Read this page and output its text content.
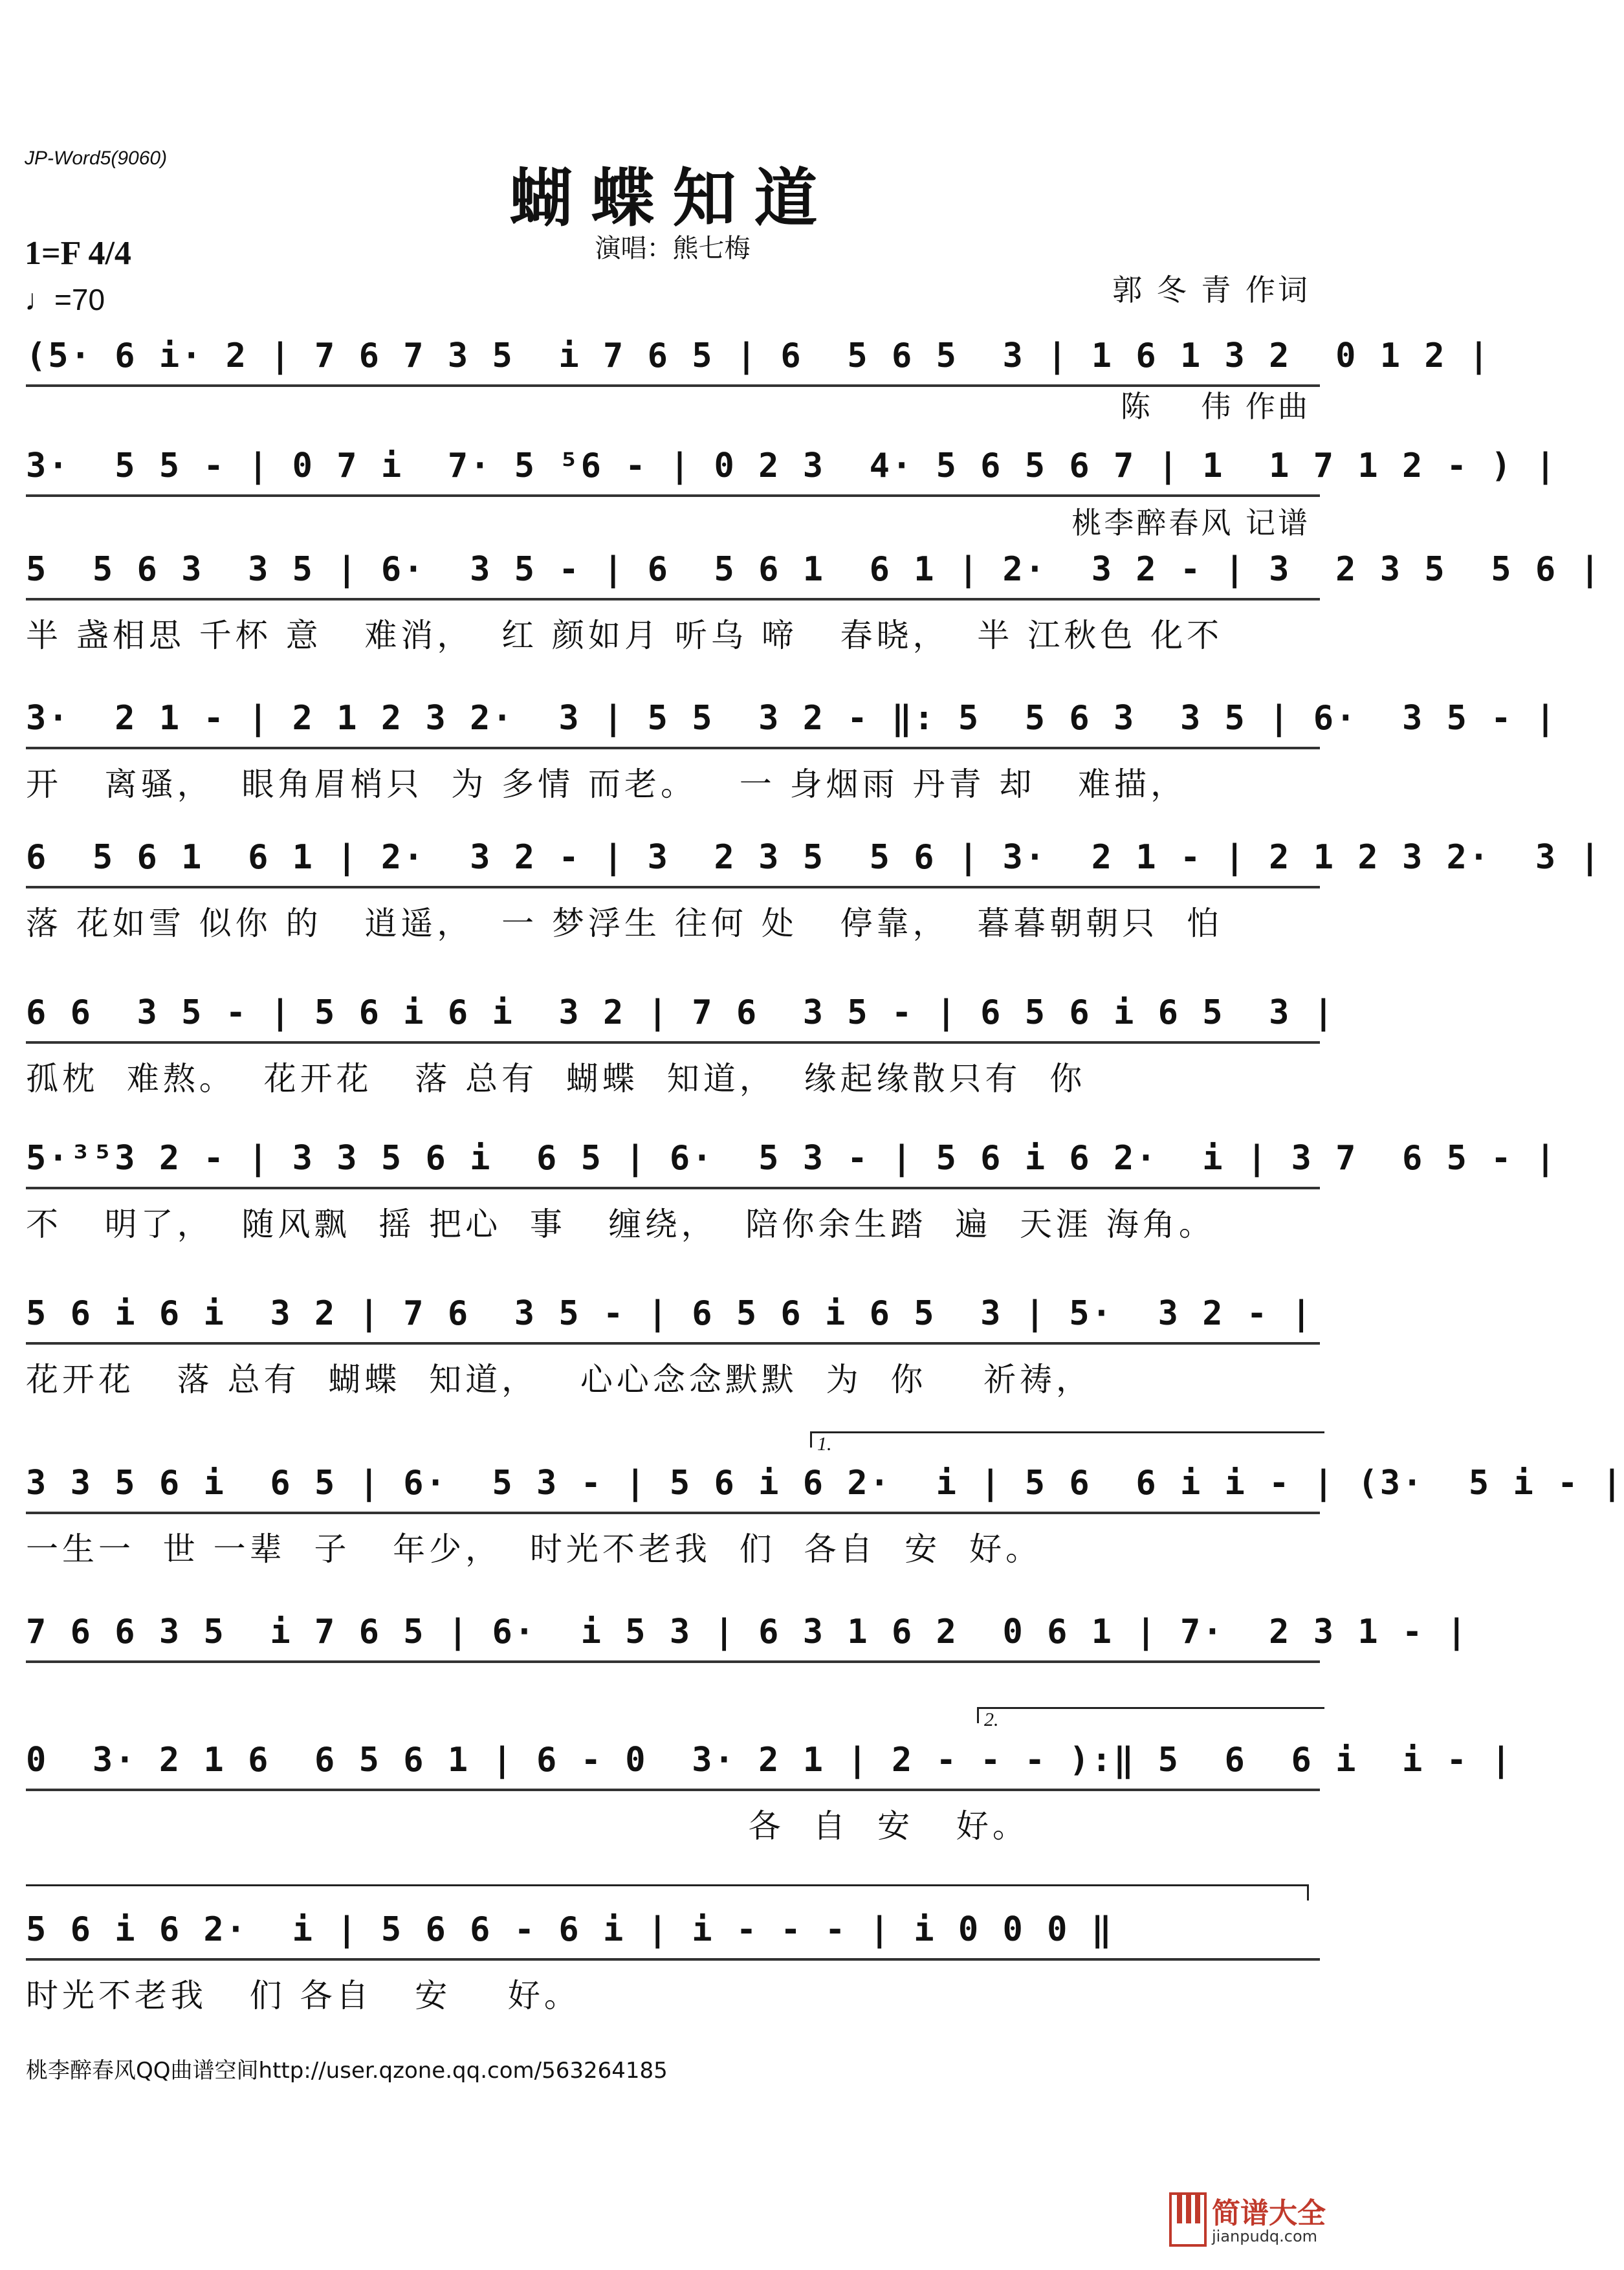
JP-Word5(9060)
蝴蝶知道
演唱：熊七梅

郭 冬 青 作词

陈    伟 作曲

桃李醉春风 记谱

1=F 4/4
♩=70
(5· 6 i· 2 | 7 6 7 3 5  i 7 6 5 | 6  5 6 5  3 | 1 6 1 3 2  0 1 2 |
3·  5 5 - | 0 7 i  7· 5 ⁵6 - | 0 2 3  4· 5 6 5 6 7 | 1  1 7 1 2 - ) |
5  5 6 3  3 5 | 6·  3 5 - | 6  5 6 1  6 1 | 2·  3 2 - | 3  2 3 5  5 6 |
半 盏相思 千杯 意   难消，  红 颜如月 听乌 啼   春晓，  半 江秋色 化不
3·  2 1 - | 2 1 2 3 2·  3 | 5 5  3 2 - ‖: 5  5 6 3  3 5 | 6·  3 5 - |
开   离骚，  眼角眉梢只  为 多情 而老。   一 身烟雨 丹青 却   难描，
6  5 6 1  6 1 | 2·  3 2 - | 3  2 3 5  5 6 | 3·  2 1 - | 2 1 2 3 2·  3 |
落 花如雪 似你 的   逍遥，  一 梦浮生 往何 处   停靠，  暮暮朝朝只  怕
6 6  3 5 - | 5 6 i 6 i  3 2 | 7 6  3 5 - | 6 5 6 i 6 5  3 |
孤枕  难熬。  花开花   落 总有  蝴蝶  知道，  缘起缘散只有  你
5·³⁵3 2 - | 3 3 5 6 i  6 5 | 6·  5 3 - | 5 6 i 6 2·  i | 3 7  6 5 - |
不   明了，  随风飘  摇 把心  事   缠绕，  陪你余生踏  遍  天涯 海角。
5 6 i 6 i  3 2 | 7 6  3 5 - | 6 5 6 i 6 5  3 | 5·  3 2 - |
花开花   落 总有  蝴蝶  知道，   心心念念默默  为  你    祈祷，
1.
3 3 5 6 i  6 5 | 6·  5 3 - | 5 6 i 6 2·  i | 5 6  6 i i - | (3·  5 i - |
一生一  世 一辈  子   年少，  时光不老我  们  各自  安  好。
7 6 6 3 5  i 7 6 5 | 6·  i 5 3 | 6 3 1 6 2  0 6 1 | 7·  2 3 1 - |
2.
0  3· 2 1 6  6 5 6 1 | 6 - 0  3· 2 1 | 2 - - - ):‖ 5  6  6 i  i - |
各  自  安   好。
5 6 i 6 2·  i | 5 6 6 - 6 i | i - - - | i 0 0 0 ‖
时光不老我   们 各自   安    好。
桃李醉春风QQ曲谱空间http://user.qzone.qq.com/563264185

简谱大全

jianpudq.com
